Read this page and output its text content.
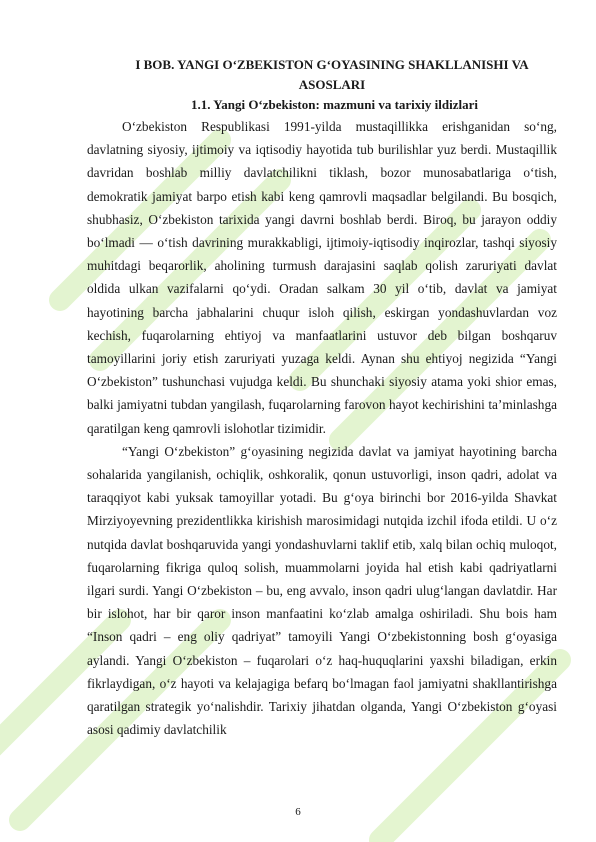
I BOB. YANGI O‘ZBEKISTON G‘OYASINING SHAKLLANISHI VA ASOSLARI
1.1. Yangi O‘zbekiston: mazmuni va tarixiy ildizlari

O‘zbekiston Respublikasi 1991-yilda mustaqillikka erishganidan so‘ng, davlatning siyosiy, ijtimoiy va iqtisodiy hayotida tub burilishlar yuz berdi. Mustaqillik davridan boshlab milliy davlatchilikni tiklash, bozor munosabatlariga o‘tish, demokratik jamiyat barpo etish kabi keng qamrovli maqsadlar belgilandi. Bu bosqich, shubhasiz, O‘zbekiston tarixida yangi davrni boshlab berdi. Biroq, bu jarayon oddiy bo‘lmadi — o‘tish davrining murakkabligi, ijtimoiy-iqtisodiy inqirozlar, tashqi siyosiy muhitdagi beqarorlik, aholining turmush darajasini saqlab qolish zaruriyati davlat oldida ulkan vazifalarni qo‘ydi. Oradan salkam 30 yil o‘tib, davlat va jamiyat hayotining barcha jabhalarini chuqur isloh qilish, eskirgan yondashuvlardan voz kechish, fuqarolarning ehtiyoj va manfaatlarini ustuvor deb bilgan boshqaruv tamoyillarini joriy etish zaruriyati yuzaga keldi. Aynan shu ehtiyoj negizida “Yangi O‘zbekiston” tushunchasi vujudga keldi. Bu shunchaki siyosiy atama yoki shior emas, balki jamiyatni tubdan yangilash, fuqarolarning farovon hayot kechirishini ta’minlashga qaratilgan keng qamrovli islohotlar tizimidir.

“Yangi O‘zbekiston” g‘oyasining negizida davlat va jamiyat hayotining barcha sohalarida yangilanish, ochiqlik, oshkoralik, qonun ustuvorligi, inson qadri, adolat va taraqqiyot kabi yuksak tamoyillar yotadi. Bu g‘oya birinchi bor 2016-yilda Shavkat Mirziyoyevning prezidentlikka kirishish marosimidagi nutqida izchil ifoda etildi. U o‘z nutqida davlat boshqaruvida yangi yondashuvlarni taklif etib, xalq bilan ochiq muloqot, fuqarolarning fikriga quloq solish, muammolarni joyida hal etish kabi qadriyatlarni ilgari surdi. Yangi O‘zbekiston – bu, eng avvalo, inson qadri ulug‘langan davlatdir. Har bir islohot, har bir qaror inson manfaatini ko‘zlab amalga oshiriladi. Shu bois ham “Inson qadri – eng oliy qadriyat” tamoyili Yangi O‘zbekistonning bosh g‘oyasiga aylandi. Yangi O‘zbekiston – fuqarolari o‘z haq-huquqlarini yaxshi biladigan, erkin fikrlaydigan, o‘z hayoti va kelajagiga befarq bo‘lmagan faol jamiyatni shakllantirishga qaratilgan strategik yo‘nalishdir. Tarixiy jihatdan olganda, Yangi O‘zbekiston g‘oyasi asosi qadimiy davlatchilik

6
